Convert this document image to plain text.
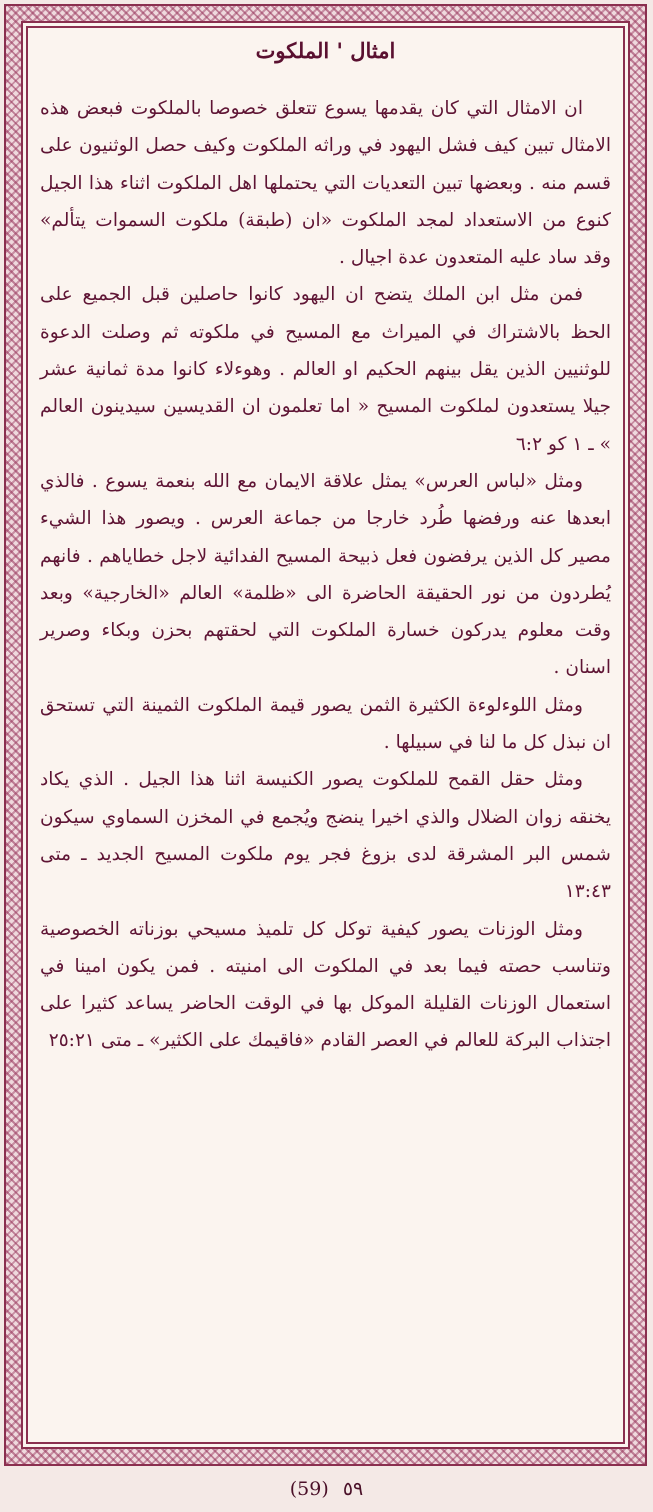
امثال ' الملكوت

ان الامثال التي كان يقدمها يسوع تتعلق خصوصا بالملكوت فبعض هذه الامثال تبين كيف فشل اليهود في وراثه الملكوت وكيف حصل الوثنيون على قسم منه . وبعضها تبين التعديات التي يحتملها اهل الملكوت اثناء هذا الجيل كنوع من الاستعداد لمجد الملكوت «ان (طبقة) ملكوت السموات يتألم» وقد ساد عليه المتعدون عدة اجيال .

فمن مثل ابن الملك يتضح ان اليهود كانوا حاصلين قبل الجميع على الحظ بالاشتراك في الميراث مع المسيح في ملكوته ثم وصلت الدعوة للوثنيين الذين يقل بينهم الحكيم او العالم . وهوءلاء كانوا مدة ثمانية عشر جيلا يستعدون لملكوت المسيح « اما تعلمون ان القديسين سيدينون العالم » ـ ١ كو ٦:٢

ومثل «لباس العرس» يمثل علاقة الايمان مع الله بنعمة يسوع . فالذي ابعدها عنه ورفضها طُرد خارجا من جماعة العرس . ويصور هذا الشيء مصير كل الذين يرفضون فعل ذبيحة المسيح الفدائية لاجل خطاياهم . فانهم يُطردون من نور الحقيقة الحاضرة الى «ظلمة» العالم «الخارجية» وبعد وقت معلوم يدركون خسارة الملكوت التي لحقتهم بحزن وبكاء وصرير اسنان .

ومثل اللوءلوءة الكثيرة الثمن يصور قيمة الملكوت الثمينة التي تستحق ان نبذل كل ما لنا في سبيلها .

ومثل حقل القمح للملكوت يصور الكنيسة اثنا هذا الجيل . الذي يكاد يخنقه زوان الضلال والذي اخيرا ينضج ويُجمع في المخزن السماوي سيكون شمس البر المشرقة لدى بزوغ فجر يوم ملكوت المسيح الجديد ـ متى ١٣:٤٣

ومثل الوزنات يصور كيفية توكل كل تلميذ مسيحي بوزناته الخصوصية وتناسب حصته فيما بعد في الملكوت الى امنيته . فمن يكون امينا في استعمال الوزنات القليلة الموكل بها في الوقت الحاضر يساعد كثيرا على اجتذاب البركة للعالم في العصر القادم «فاقيمك على الكثير» ـ متى ٢٥:٢١

(59) ٥٩
